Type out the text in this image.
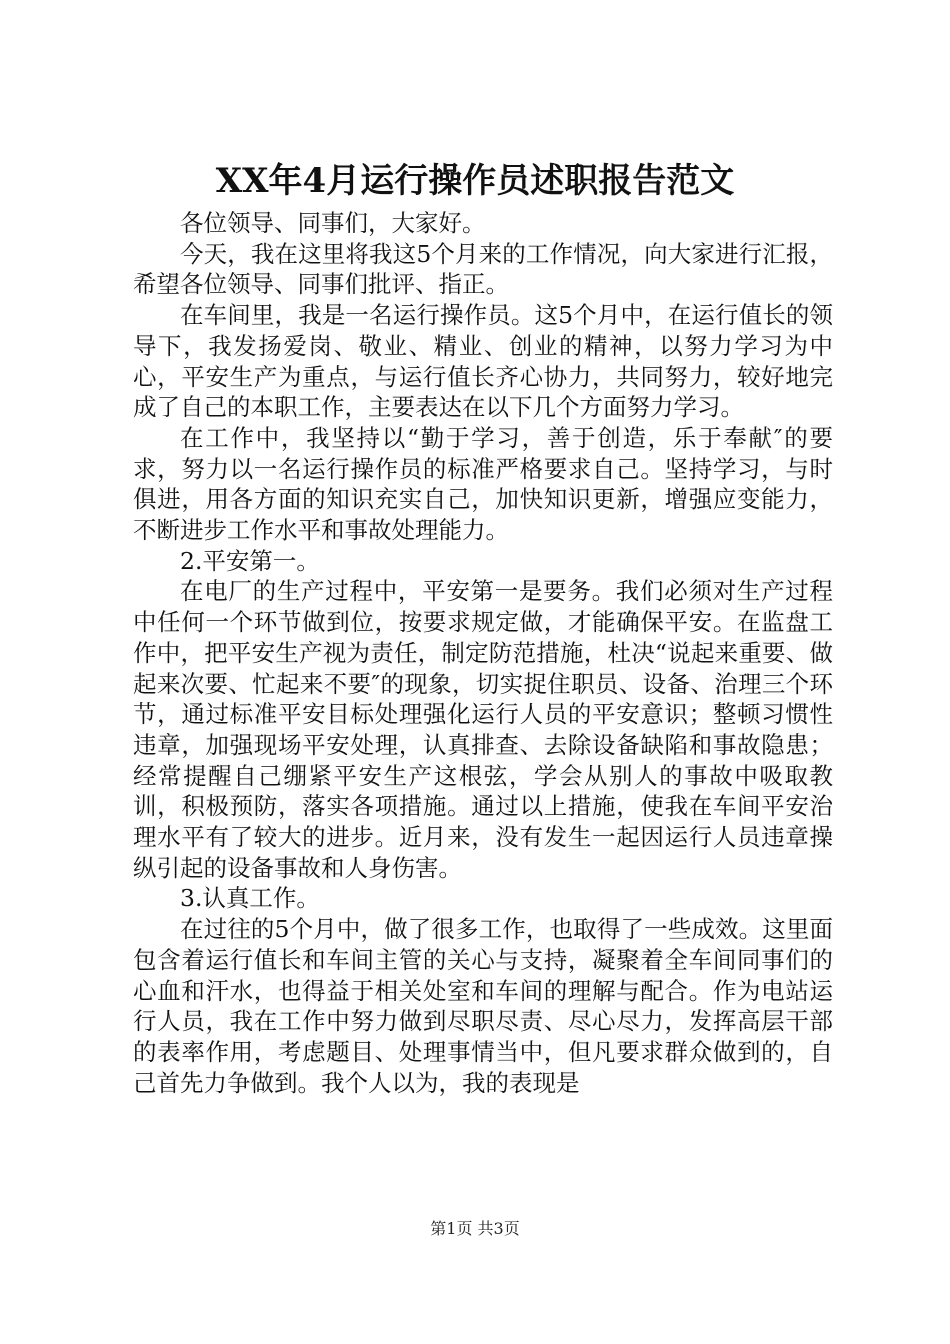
XX年4月运行操作员述职报告范文

各位领导、同事们，大家好。

今天，我在这里将我这5个月来的工作情况，向大家进行汇报，希望各位领导、同事们批评、指正。

在车间里，我是一名运行操作员。这5个月中，在运行值长的领导下，我发扬爱岗、敬业、精业、创业的精神，以努力学习为中心，平安生产为重点，与运行值长齐心协力，共同努力，较好地完成了自己的本职工作，主要表达在以下几个方面努力学习。

在工作中，我坚持以“勤于学习，善于创造，乐于奉献″的要求，努力以一名运行操作员的标准严格要求自己。坚持学习，与时俱进，用各方面的知识充实自己，加快知识更新，增强应变能力，不断进步工作水平和事故处理能力。

2.平安第一。

在电厂的生产过程中，平安第一是要务。我们必须对生产过程中任何一个环节做到位，按要求规定做，才能确保平安。在监盘工作中，把平安生产视为责任，制定防范措施，杜决“说起来重要、做起来次要、忙起来不要″的现象，切实捉住职员、设备、治理三个环节，通过标准平安目标处理强化运行人员的平安意识；整顿习惯性违章，加强现场平安处理，认真排查、去除设备缺陷和事故隐患；经常提醒自己绷紧平安生产这根弦，学会从别人的事故中吸取教训，积极预防，落实各项措施。通过以上措施，使我在车间平安治理水平有了较大的进步。近月来，没有发生一起因运行人员违章操纵引起的设备事故和人身伤害。

3.认真工作。

在过往的5个月中，做了很多工作，也取得了一些成效。这里面包含着运行值长和车间主管的关心与支持，凝聚着全车间同事们的心血和汗水，也得益于相关处室和车间的理解与配合。作为电站运行人员，我在工作中努力做到尽职尽责、尽心尽力，发挥高层干部的表率作用，考虑题目、处理事情当中，但凡要求群众做到的，自己首先力争做到。我个人以为，我的表现是

第1页 共3页
